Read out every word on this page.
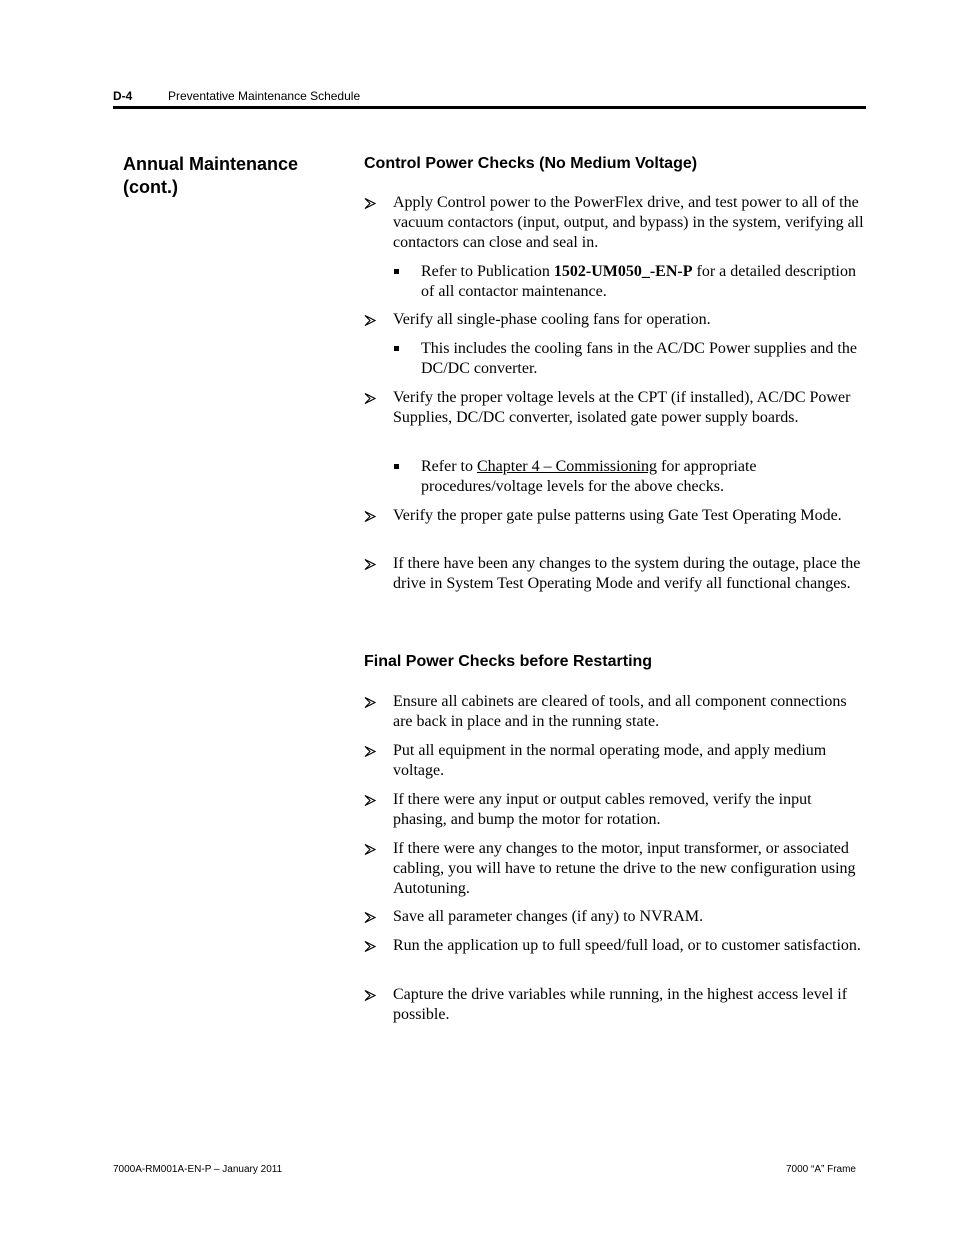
D-4	Preventative Maintenance Schedule
Annual Maintenance
(cont.)
Control Power Checks (No Medium Voltage)
Apply Control power to the PowerFlex drive, and test power to all of the vacuum contactors (input, output, and bypass) in the system, verifying all contactors can close and seal in.
Refer to Publication 1502-UM050_-EN-P for a detailed description of all contactor maintenance.
Verify all single-phase cooling fans for operation.
This includes the cooling fans in the AC/DC Power supplies and the DC/DC converter.
Verify the proper voltage levels at the CPT (if installed), AC/DC Power Supplies, DC/DC converter, isolated gate power supply boards.
Refer to Chapter 4 – Commissioning for appropriate procedures/voltage levels for the above checks.
Verify the proper gate pulse patterns using Gate Test Operating Mode.
If there have been any changes to the system during the outage, place the drive in System Test Operating Mode and verify all functional changes.
Final Power Checks before Restarting
Ensure all cabinets are cleared of tools, and all component connections are back in place and in the running state.
Put all equipment in the normal operating mode, and apply medium voltage.
If there were any input or output cables removed, verify the input phasing, and bump the motor for rotation.
If there were any changes to the motor, input transformer, or associated cabling, you will have to retune the drive to the new configuration using Autotuning.
Save all parameter changes (if any) to NVRAM.
Run the application up to full speed/full load, or to customer satisfaction.
Capture the drive variables while running, in the highest access level if possible.
7000A-RM001A-EN-P – January 2011	7000 “A” Frame
